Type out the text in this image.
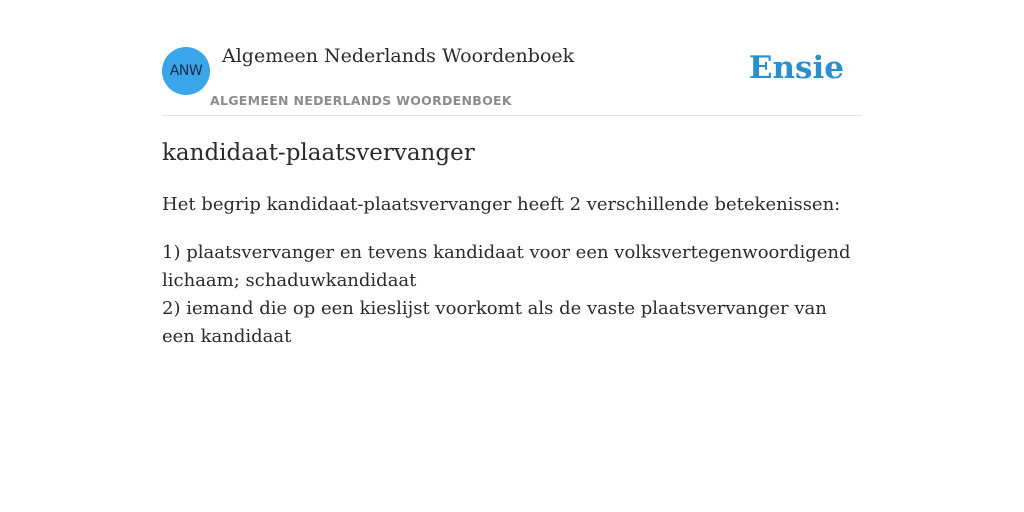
ANW
Algemeen Nederlands Woordenboek
ALGEMEEN NEDERLANDS WOORDENBOEK
Ensie
kandidaat-plaatsvervanger

Het begrip kandidaat-plaatsvervanger heeft 2 verschillende betekenissen:

1) plaatsvervanger en tevens kandidaat voor een volksvertegenwoordigend lichaam; schaduwkandidaat
2) iemand die op een kieslijst voorkomt als de vaste plaatsvervanger van een kandidaat
